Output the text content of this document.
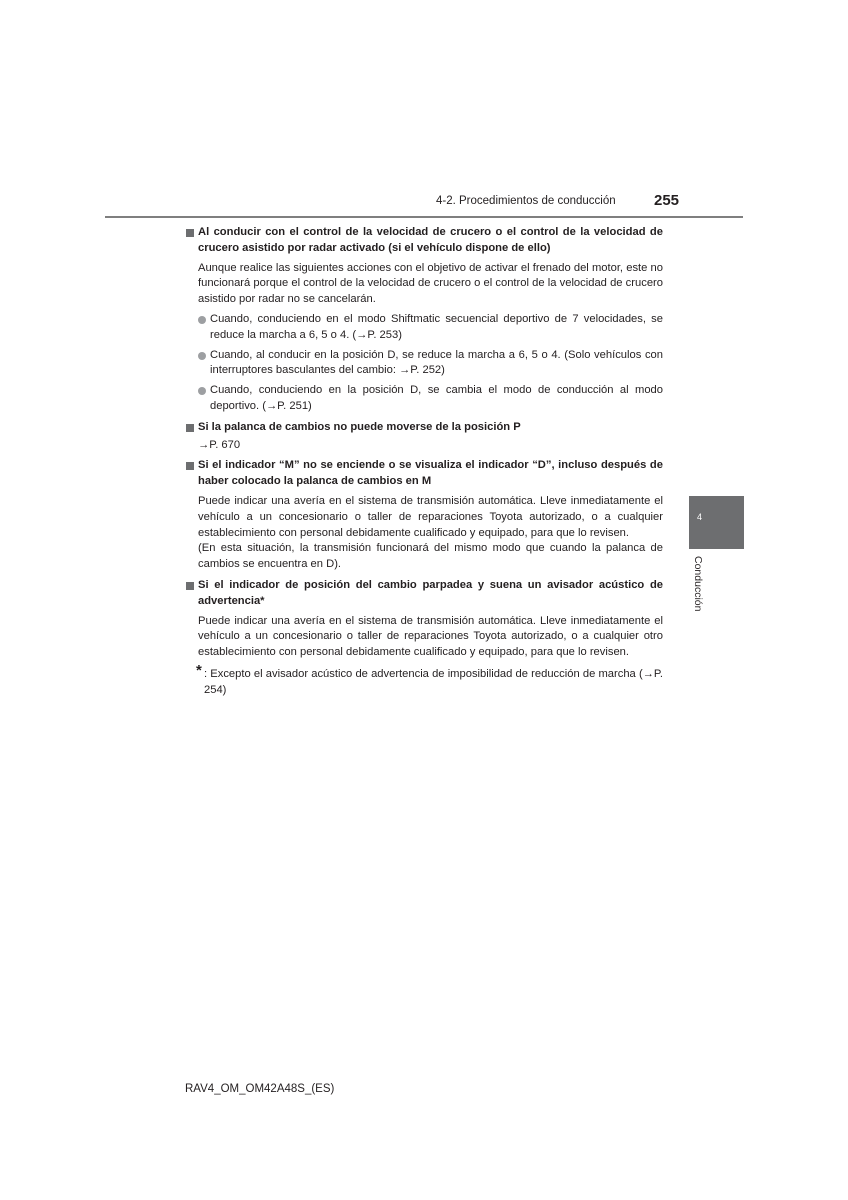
4-2. Procedimientos de conducción	255
4
Conducción
Al conducir con el control de la velocidad de crucero o el control de la velocidad de crucero asistido por radar activado (si el vehículo dispone de ello)
Aunque realice las siguientes acciones con el objetivo de activar el frenado del motor, este no funcionará porque el control de la velocidad de crucero o el control de la velocidad de crucero asistido por radar no se cancelarán.
Cuando, conduciendo en el modo Shiftmatic secuencial deportivo de 7 velocidades, se reduce la marcha a 6, 5 o 4. (→P. 253)
Cuando, al conducir en la posición D, se reduce la marcha a 6, 5 o 4. (Solo vehículos con interruptores basculantes del cambio: →P. 252)
Cuando, conduciendo en la posición D, se cambia el modo de conducción al modo deportivo. (→P. 251)
Si la palanca de cambios no puede moverse de la posición P
→P. 670
Si el indicador “M” no se enciende o se visualiza el indicador “D”, incluso después de haber colocado la palanca de cambios en M
Puede indicar una avería en el sistema de transmisión automática. Lleve inmediatamente el vehículo a un concesionario o taller de reparaciones Toyota autorizado, o a cualquier establecimiento con personal debidamente cualificado y equipado, para que lo revisen.
(En esta situación, la transmisión funcionará del mismo modo que cuando la palanca de cambios se encuentra en D).
Si el indicador de posición del cambio parpadea y suena un avisador acústico de advertencia*
Puede indicar una avería en el sistema de transmisión automática. Lleve inmediatamente el vehículo a un concesionario o taller de reparaciones Toyota autorizado, o a cualquier otro establecimiento con personal debidamente cualificado y equipado, para que lo revisen.
* : Excepto el avisador acústico de advertencia de imposibilidad de reducción de marcha (→P. 254)
RAV4_OM_OM42A48S_(ES)
